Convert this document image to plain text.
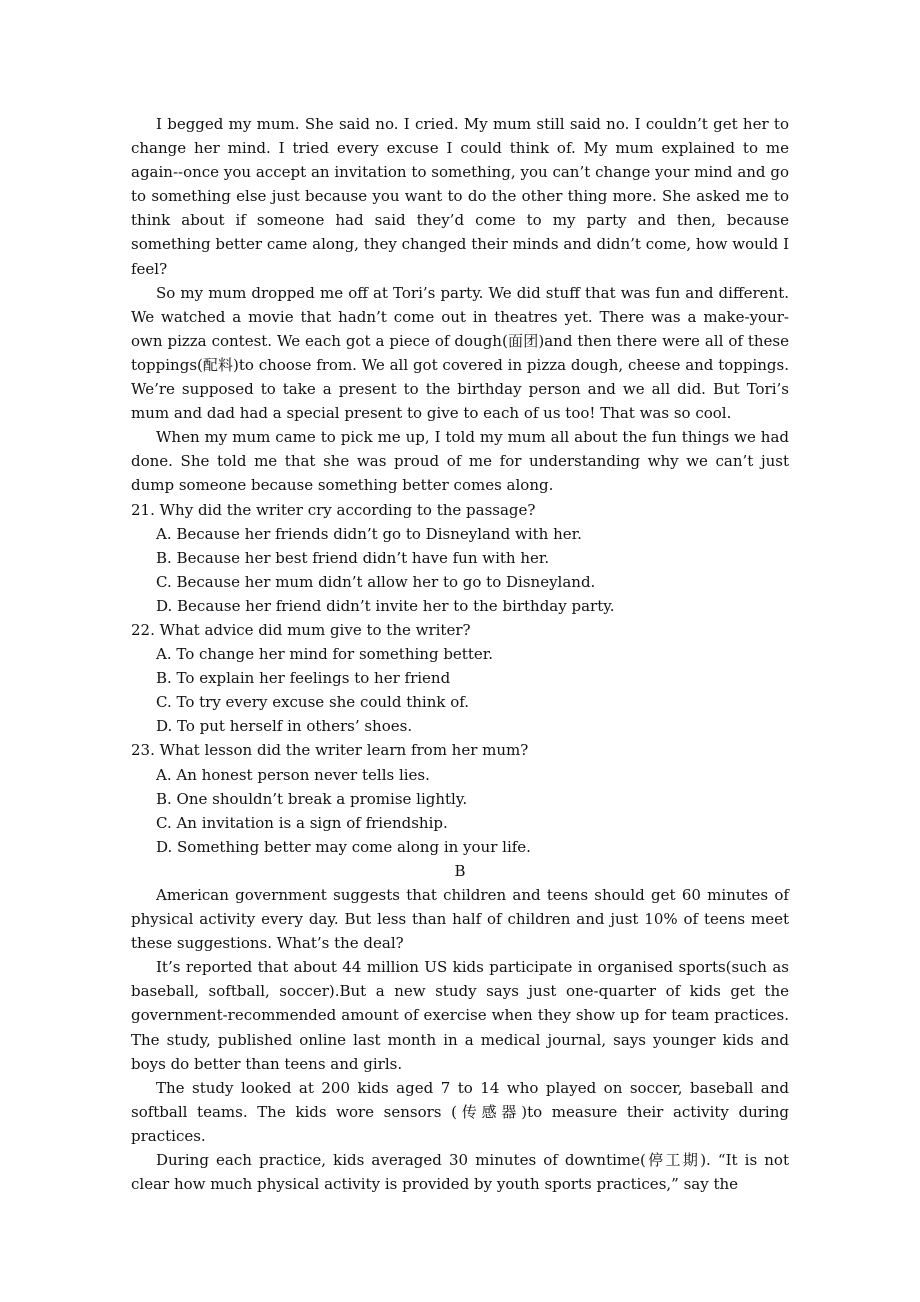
I begged my mum. She said no. I cried. My mum still said no. I couldn’t get her to change her mind. I tried every excuse I could think of. My mum explained to me again--once you accept an invitation to something, you can’t change your mind and go to something else just because you want to do the other thing more. She asked me to think about if someone had said they’d come to my party and then, because something better came along, they changed their minds and didn’t come, how would I feel?

So my mum dropped me off at Tori’s party. We did stuff that was fun and different. We watched a movie that hadn’t come out in theatres yet. There was a make-your- own pizza contest. We each got a piece of dough(面团)and then there were all of these toppings(配料)to choose from. We all got covered in pizza dough, cheese and toppings. We’re supposed to take a present to the birthday person and we all did. But Tori’s mum and dad had a special present to give to each of us too! That was so cool.

When my mum came to pick me up, I told my mum all about the fun things we had done. She told me that she was proud of me for understanding why we can’t just dump someone because something better comes along.

21. Why did the writer cry according to the passage?

A. Because her friends didn’t go to Disneyland with her.

B. Because her best friend didn’t have fun with her.

C. Because her mum didn’t allow her to go to Disneyland.

D. Because her friend didn’t invite her to the birthday party.

22. What advice did mum give to the writer?

A. To change her mind for something better.

B. To explain her feelings to her friend

C. To try every excuse she could think of.

D. To put herself in others’ shoes.

23. What lesson did the writer learn from her mum?

A. An honest person never tells lies.

B. One shouldn’t break a promise lightly.

C. An invitation is a sign of friendship.

D. Something better may come along in your life.

B

American government suggests that children and teens should get 60 minutes of physical activity every day. But less than half of children and just 10% of teens meet these suggestions. What’s the deal?

It’s reported that about 44 million US kids participate in organised sports(such as baseball, softball, soccer).But a new study says just one-quarter of kids get the government-recommended amount of exercise when they show up for team practices. The study, published online last month in a medical journal, says younger kids and boys do better than teens and girls.

The study looked at 200 kids aged 7 to 14 who played on soccer, baseball and softball teams. The kids wore sensors (传感器)to measure their activity during practices.

During each practice, kids averaged 30 minutes of downtime(停工期). “It is not clear how much physical activity is provided by youth sports practices,” say the
